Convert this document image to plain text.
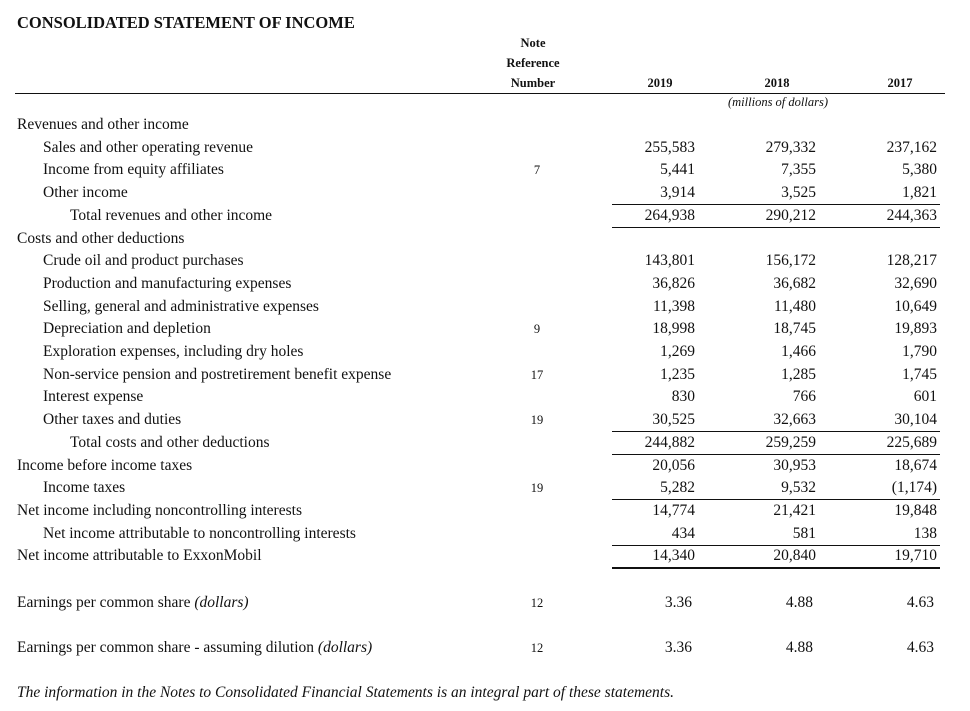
CONSOLIDATED STATEMENT OF INCOME
Note
Reference
Number	2019	2018	2017
(millions of dollars)
Revenues and other income
Sales and other operating revenue	255,583	279,332	237,162
Income from equity affiliates	7	5,441	7,355	5,380
Other income	3,914	3,525	1,821
Total revenues and other income	264,938	290,212	244,363
Costs and other deductions
Crude oil and product purchases	143,801	156,172	128,217
Production and manufacturing expenses	36,826	36,682	32,690
Selling, general and administrative expenses	11,398	11,480	10,649
Depreciation and depletion	9	18,998	18,745	19,893
Exploration expenses, including dry holes	1,269	1,466	1,790
Non-service pension and postretirement benefit expense	17	1,235	1,285	1,745
Interest expense	830	766	601
Other taxes and duties	19	30,525	32,663	30,104
Total costs and other deductions	244,882	259,259	225,689
Income before income taxes	20,056	30,953	18,674
Income taxes	19	5,282	9,532	(1,174)
Net income including noncontrolling interests	14,774	21,421	19,848
Net income attributable to noncontrolling interests	434	581	138
Net income attributable to ExxonMobil	14,340	20,840	19,710
Earnings per common share (dollars)	12	3.36	4.88	4.63
Earnings per common share - assuming dilution (dollars)	12	3.36	4.88	4.63
The information in the Notes to Consolidated Financial Statements is an integral part of these statements.
